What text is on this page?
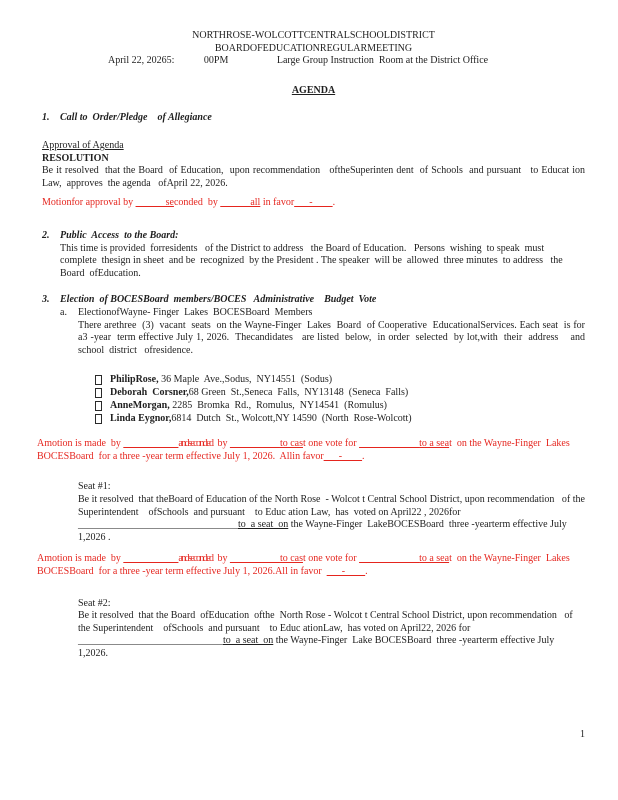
NORTHROSE-WOLCOTTCENTRALSCHOOLDISTRICT
BOARDOFEDUCATIONREGULARMEETING
April 22, 20265:	00PM	Large Group Instruction  Room at the District Office
AGENDA
1. Call to  Order/Pledge    of Allegiance
Approval of Agenda
RESOLUTION
Be it resolved  that the Board  of Education,  upon recommendation   oftheSuperinten dent  of Schools  and pursuant   to Educat ion Law,  approves  the agenda   ofApril 22, 2026.

Motionfor approval by ______seconded  by ______all in favor___-____.

2. Public  Access  to the Board:
This time is provided  forresidents   of the District to address   the Board of Education.   Persons  wishing  to speak  must  complete  thesign in sheet  and be  recognized  by the President . The speaker  will be  allowed  three minutes  to address   the Board  ofEducation.
3. Election  of BOCESBoard  members/BOCES   Administrative    Budget  Vote
a. ElectionofWayne- Finger  Lakes  BOCESBoard  Members
There arethree  (3)  vacant  seats  on the Wayne-Finger  Lakes  Board  of Cooperative  EducationalServices. Each seat  is for  a3 -year  term effective July 1, 2026.  Thecandidates   are listed  below,  in order  selected  by lot,with  their  address    and  school  district   ofresidence.
PhilipRose, 36 Maple  Ave.,Sodus,  NY14551  (Sodus)
Deborah  Corsner,68 Green  St.,Seneca  Falls,  NY13148  (Seneca  Falls)
AnneMorgan, 2285  Bromka  Rd.,  Romulus,  NY14541  (Romulus)
Linda Eygnor,6814  Dutch  St., Wolcott,NY 14590  (North  Rose-Wolcott)

Amotion is made  by ___________andseconded  by __________to cast one vote for ____________to a seat  on the Wayne-Finger  Lakes  BOCESBoard  for a three -year term effective July 1, 2026.  Allin favor___-____.

Seat #1:
Be it resolved  that theBoard of Education of the North Rose  - Wolcot t Central School District, upon recommendation   of the Superintendent    ofSchools  and pursuant    to Educ ation Law,  has  voted on April22 , 2026for ________________________________to  a seat  on the Wayne-Finger  LakeBOCESBoard  three -yearterm effective July 1,2026 .

Amotion is made  by ___________andseconded  by __________to cast one vote for ____________to a seat  on the Wayne-Finger  Lakes  BOCESBoard  for a three -year term effective July 1, 2026.All in favor  ___-____.

Seat #2:
Be it resolved  that the Board  ofEducation  ofthe  North Rose - Wolcot t Central School District, upon recommendation   of the Superintendent    ofSchools  and pursuant    to Educ ationLaw,  has voted on April22, 2026 for _____________________________to  a seat  on the Wayne-Finger  Lake BOCESBoard  three -yearterm effective July 1,2026.
1
